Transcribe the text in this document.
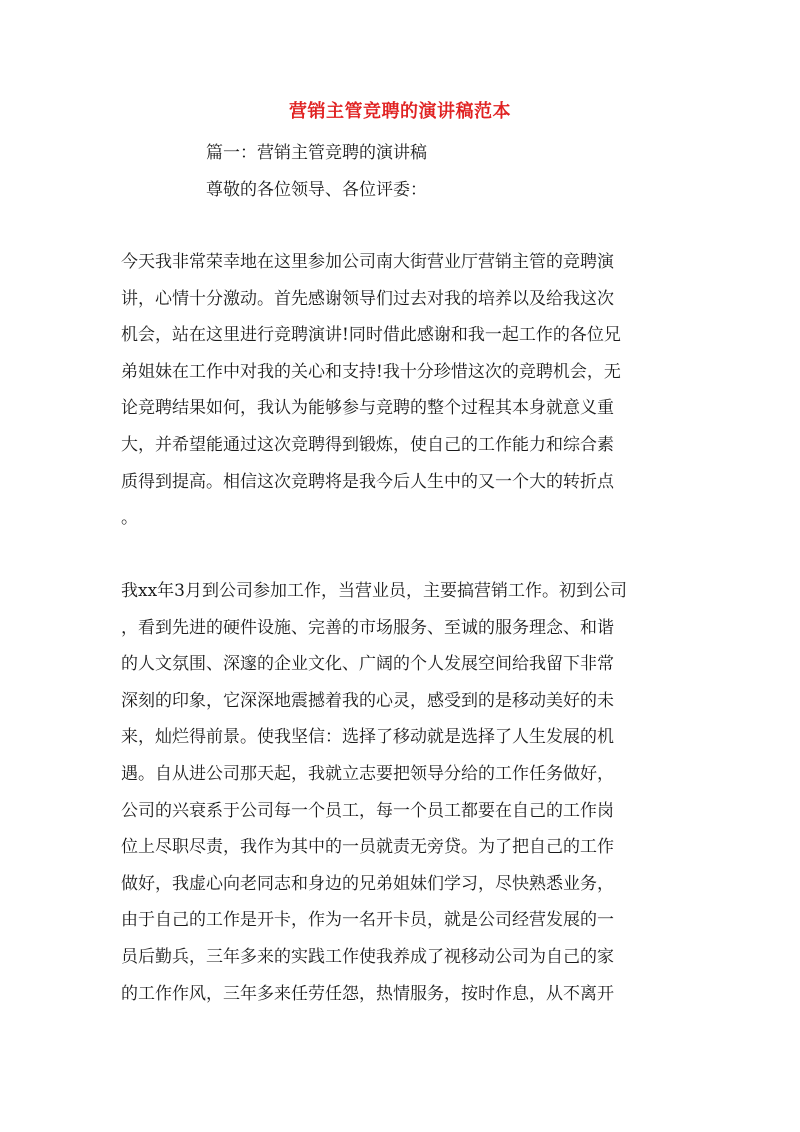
营销主管竞聘的演讲稿范本
篇一：营销主管竞聘的演讲稿
尊敬的各位领导、各位评委：
今天我非常荣幸地在这里参加公司南大街营业厅营销主管的竞聘演
讲，心情十分激动。首先感谢领导们过去对我的培养以及给我这次
机会，站在这里进行竞聘演讲!同时借此感谢和我一起工作的各位兄
弟姐妹在工作中对我的关心和支持!我十分珍惜这次的竞聘机会，无
论竞聘结果如何，我认为能够参与竞聘的整个过程其本身就意义重
大，并希望能通过这次竞聘得到锻炼，使自己的工作能力和综合素
质得到提高。相信这次竞聘将是我今后人生中的又一个大的转折点
。
我xx年3月到公司参加工作，当营业员，主要搞营销工作。初到公司
，看到先进的硬件设施、完善的市场服务、至诚的服务理念、和谐
的人文氛围、深邃的企业文化、广阔的个人发展空间给我留下非常
深刻的印象，它深深地震撼着我的心灵，感受到的是移动美好的未
来，灿烂得前景。使我坚信：选择了移动就是选择了人生发展的机
遇。自从进公司那天起，我就立志要把领导分给的工作任务做好，
公司的兴衰系于公司每一个员工，每一个员工都要在自己的工作岗
位上尽职尽责，我作为其中的一员就责无旁贷。为了把自己的工作
做好，我虚心向老同志和身边的兄弟姐妹们学习，尽快熟悉业务，
由于自己的工作是开卡，作为一名开卡员，就是公司经营发展的一
员后勤兵，三年多来的实践工作使我养成了视移动公司为自己的家
的工作作风，三年多来任劳任怨，热情服务，按时作息，从不离开
